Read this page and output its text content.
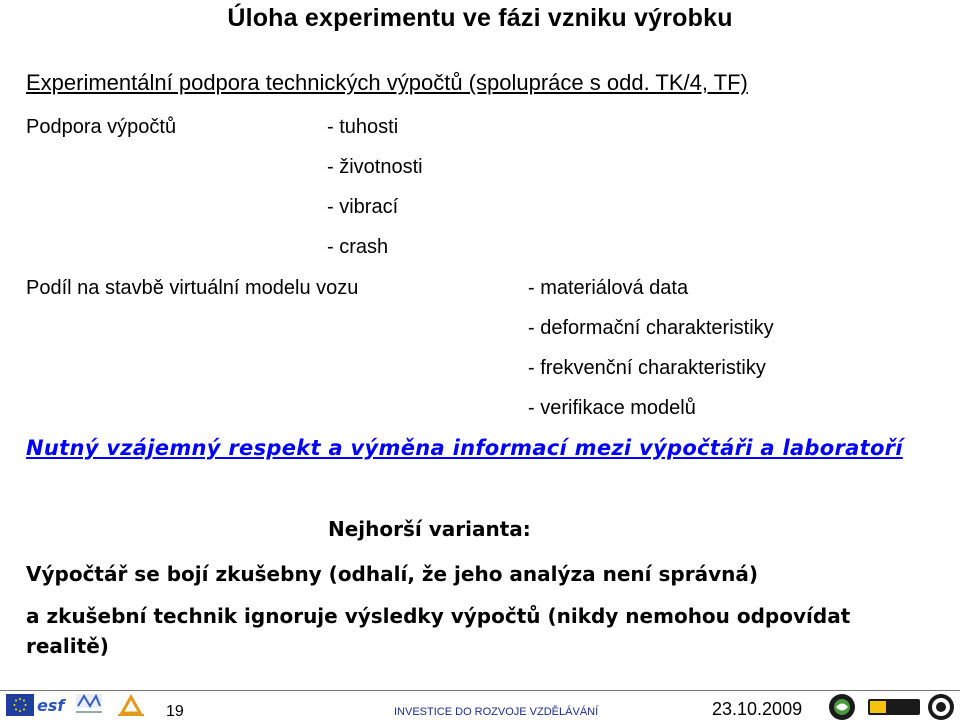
Úloha experimentu ve fázi vzniku výrobku
Experimentální podpora technických výpočtů (spolupráce s odd. TK/4, TF)
Podpora výpočtů	- tuhosti
- životnosti
- vibrací
- crash
Podíl na stavbě virtuální modelu vozu	- materiálová data
- deformační charakteristiky
- frekvenční charakteristiky
- verifikace modelů
Nutný vzájemný respekt a výměna informací mezi výpočtáři a laboratoří
Nejhorší varianta:
Výpočtář se bojí zkušebny (odhalí, že jeho analýza není správná)
a zkušební technik ignoruje výsledky výpočtů (nikdy nemohou odpovídat
realitě)
esf	19	INVESTICE DO ROZVOJE VZDĚLÁVÁNÍ	23.10.2009
